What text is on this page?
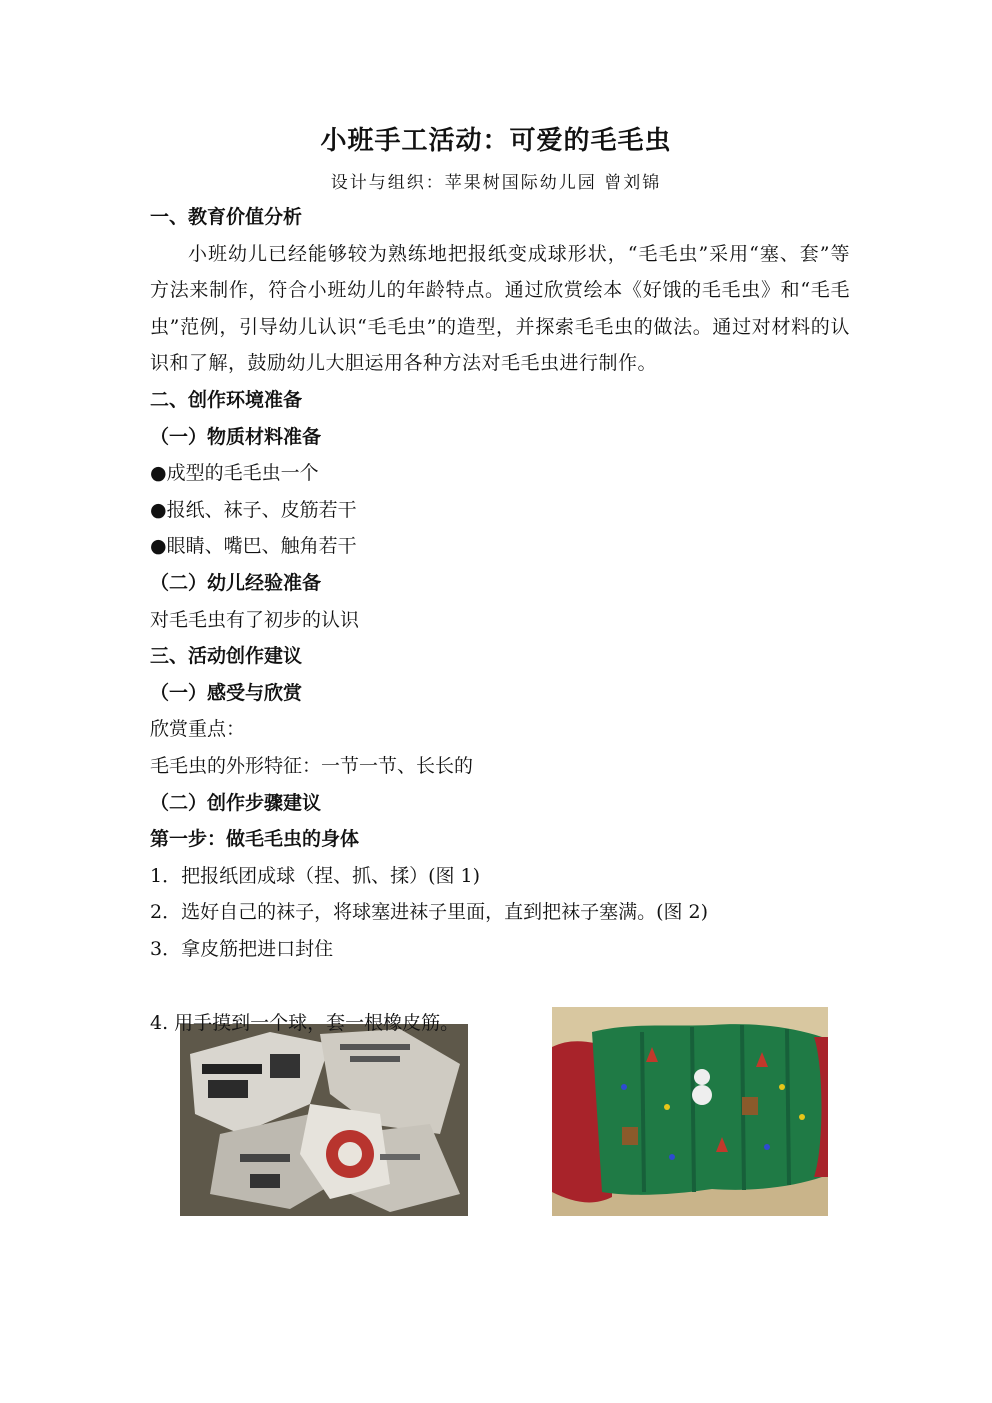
小班手工活动：可爱的毛毛虫
设计与组织：苹果树国际幼儿园 曾刘锦
一、教育价值分析
小班幼儿已经能够较为熟练地把报纸变成球形状，“毛毛虫”采用“塞、套”等方法来制作，符合小班幼儿的年龄特点。通过欣赏绘本《好饿的毛毛虫》和“毛毛虫”范例，引导幼儿认识“毛毛虫”的造型，并探索毛毛虫的做法。通过对材料的认识和了解，鼓励幼儿大胆运用各种方法对毛毛虫进行制作。
二、创作环境准备
（一）物质材料准备
● 成型的毛毛虫一个
● 报纸、袜子、皮筋若干
● 眼睛、嘴巴、触角若干
（二）幼儿经验准备
对毛毛虫有了初步的认识
三、活动创作建议
（一）感受与欣赏
欣赏重点：
毛毛虫的外形特征：一节一节、长长的
（二）创作步骤建议
第一步：做毛毛虫的身体
1．把报纸团成球（捏、抓、揉）(图 1)
2．选好自己的袜子，将球塞进袜子里面，直到把袜子塞满。(图 2)
3．拿皮筋把进口封住
4. 用手摸到一个球，套一根橡皮筋。
